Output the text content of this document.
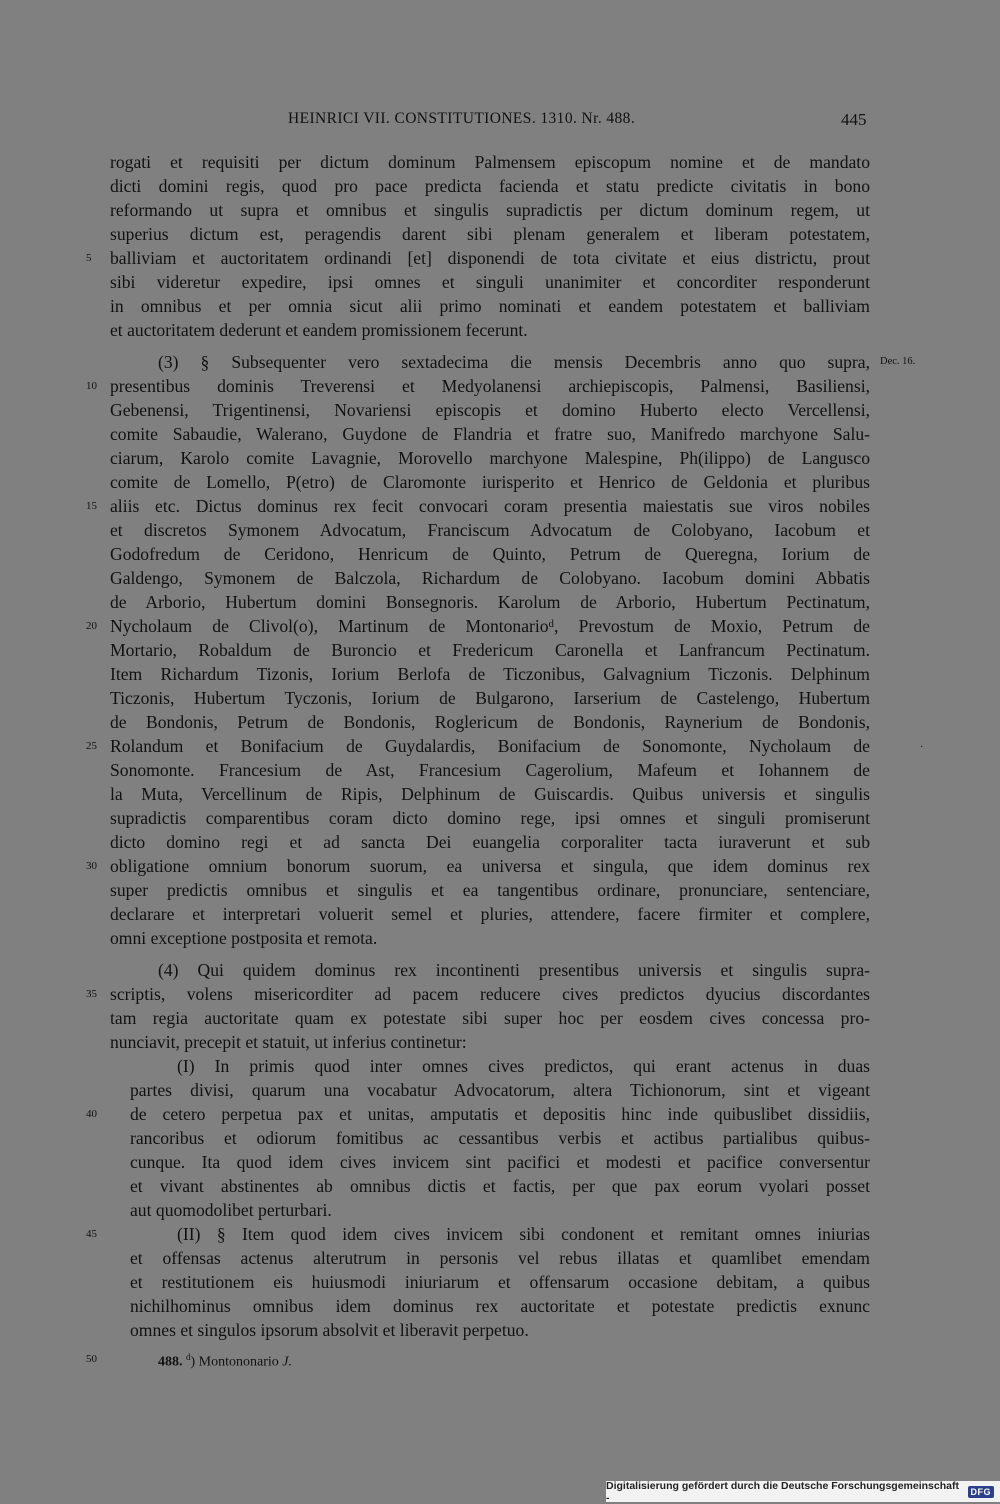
HEINRICI VII. CONSTITUTIONES. 1310. Nr. 488.	445
rogati et requisiti per dictum dominum Palmensem episcopum nomine et de mandato
dicti domini regis, quod pro pace predicta facienda et statu predicte civitatis in bono
reformando ut supra et omnibus et singulis supradictis per dictum dominum regem, ut
superius dictum est, peragendis darent sibi plenam generalem et liberam potestatem,
balliviam et auctoritatem ordinandi [et] disponendi de tota civitate et eius districtu, prout
sibi videretur expedire, ipsi omnes et singuli unanimiter et concorditer responderunt
in omnibus et per omnia sicut alii primo nominati et eandem potestatem et balliviam
et auctoritatem dederunt et eandem promissionem fecerunt.
(3) § Subsequenter vero sextadecima die mensis Decembris anno quo supra,
presentibus dominis Treverensi et Medyolanensi archiepiscopis, Palmensi, Basiliensi,
Gebenensi, Trigentinensi, Novariensi episcopis et domino Huberto electo Vercellensi,
comite Sabaudie, Walerano, Guydone de Flandria et fratre suo, Manifredo marchyone Salu-
ciarum, Karolo comite Lavagnie, Morovello marchyone Malespine, Ph(ilippo) de Langusco
comite de Lomello, P(etro) de Claromonte iurisperito et Henrico de Geldonia et pluribus
aliis etc. Dictus dominus rex fecit convocari coram presentia maiestatis sue viros nobiles
et discretos Symonem Advocatum, Franciscum Advocatum de Colobyano, Iacobum et
Godofredum de Ceridono, Henricum de Quinto, Petrum de Queregna, Iorium de
Galdengo, Symonem de Balczola, Richardum de Colobyano. Iacobum domini Abbatis
de Arborio, Hubertum domini Bonsegnoris. Karolum de Arborio, Hubertum Pectinatum,
Nycholaum de Clivol(o), Martinum de Montonarioᵈ, Prevostum de Moxio, Petrum de
Mortario, Robaldum de Buroncio et Fredericum Caronella et Lanfrancum Pectinatum.
Item Richardum Tizonis, Iorium Berlofa de Ticzonibus, Galvagnium Ticzonis. Delphinum
Ticzonis, Hubertum Tyczonis, Iorium de Bulgarono, Iarserium de Castelengo, Hubertum
de Bondonis, Petrum de Bondonis, Roglericum de Bondonis, Raynerium de Bondonis,
Rolandum et Bonifacium de Guydalardis, Bonifacium de Sonomonte, Nycholaum de
Sonomonte. Francesium de Ast, Francesium Cagerolium, Mafeum et Iohannem de
la Muta, Vercellinum de Ripis, Delphinum de Guiscardis. Quibus universis et singulis
supradictis comparentibus coram dicto domino rege, ipsi omnes et singuli promiserunt
dicto domino regi et ad sancta Dei euangelia corporaliter tacta iuraverunt et sub
obligatione omnium bonorum suorum, ea universa et singula, que idem dominus rex
super predictis omnibus et singulis et ea tangentibus ordinare, pronunciare, sentenciare,
declarare et interpretari voluerit semel et pluries, attendere, facere firmiter et complere,
omni exceptione postposita et remota.
(4) Qui quidem dominus rex incontinenti presentibus universis et singulis supra-
scriptis, volens misericorditer ad pacem reducere cives predictos dyucius discordantes
tam regia auctoritate quam ex potestate sibi super hoc per eosdem cives concessa pro-
nunciavit, precepit et statuit, ut inferius continetur:
(I) In primis quod inter omnes cives predictos, qui erant actenus in duas
partes divisi, quarum una vocabatur Advocatorum, altera Tichionorum, sint et vigeant
de cetero perpetua pax et unitas, amputatis et depositis hinc inde quibuslibet dissidiis,
rancoribus et odiorum fomitibus ac cessantibus verbis et actibus partialibus quibus-
cunque. Ita quod idem cives invicem sint pacifici et modesti et pacifice conversentur
et vivant abstinentes ab omnibus dictis et factis, per que pax eorum vyolari posset
aut quomodolibet perturbari.
(II) § Item quod idem cives invicem sibi condonent et remitant omnes iniurias
et offensas actenus alterutrum in personis vel rebus illatas et quamlibet emendam
et restitutionem eis huiusmodi iniuriarum et offensarum occasione debitam, a quibus
nichilhominus omnibus idem dominus rex auctoritate et potestate predictis exnunc
omnes et singulos ipsorum absolvit et liberavit perpetuo.
5
10
15
20
25
30
35
40
45
50
Dec. 16.
·
488. $^d$) Montononario J.
Digitalisierung gefördert durch die Deutsche Forschungsgemeinschaft -	DFG
